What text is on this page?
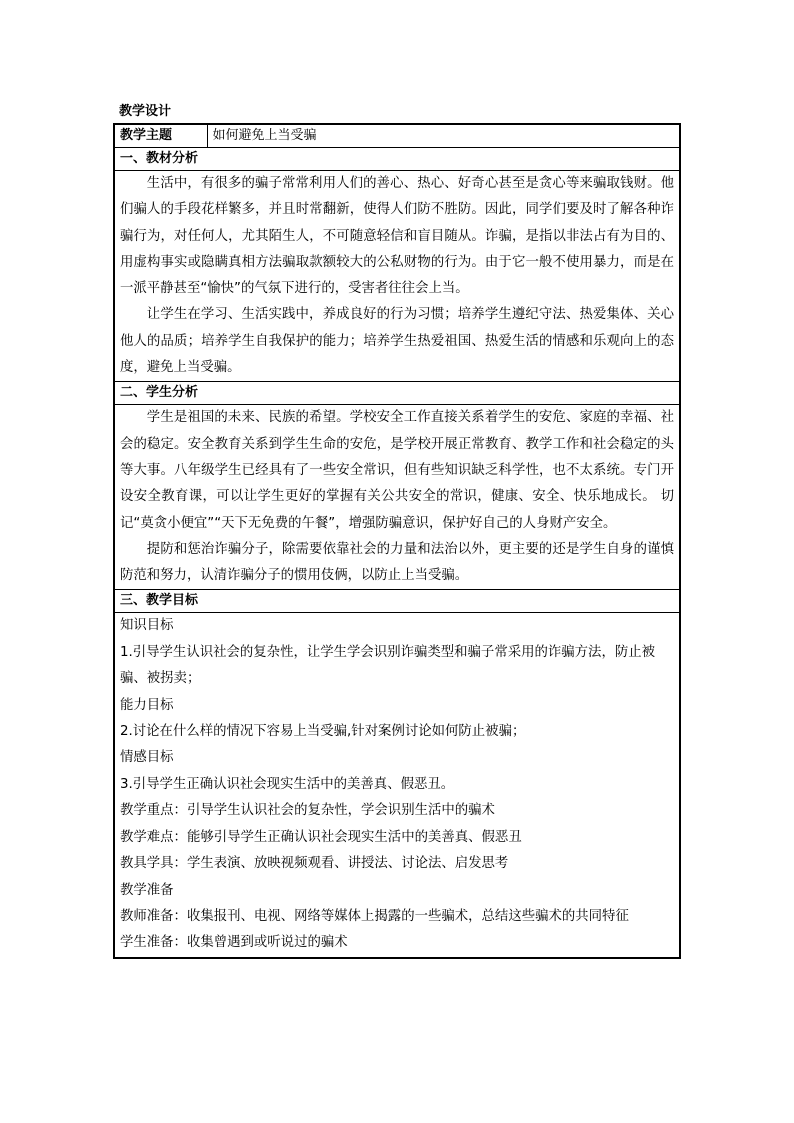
教学设计
教学主题	如何避免上当受骗
一、教材分析

生活中，有很多的骗子常常利用人们的善心、热心、好奇心甚至是贪心等来骗取钱财。他们骗人的手段花样繁多，并且时常翻新，使得人们防不胜防。因此，同学们要及时了解各种诈骗行为，对任何人，尤其陌生人，不可随意轻信和盲目随从。诈骗，是指以非法占有为目的、用虚构事实或隐瞒真相方法骗取款额较大的公私财物的行为。由于它一般不使用暴力，而是在一派平静甚至“愉快”的气氛下进行的，受害者往往会上当。

让学生在学习、生活实践中，养成良好的行为习惯；培养学生遵纪守法、热爱集体、关心他人的品质；培养学生自我保护的能力；培养学生热爱祖国、热爱生活的情感和乐观向上的态度，避免上当受骗。

二、学生分析

学生是祖国的未来、民族的希望。学校安全工作直接关系着学生的安危、家庭的幸福、社会的稳定。安全教育关系到学生生命的安危，是学校开展正常教育、教学工作和社会稳定的头等大事。八年级学生已经具有了一些安全常识，但有些知识缺乏科学性，也不太系统。专门开设安全教育课，可以让学生更好的掌握有关公共安全的常识，健康、安全、快乐地成长。 切记“莫贪小便宜”“天下无免费的午餐”，增强防骗意识，保护好自己的人身财产安全。

提防和惩治诈骗分子，除需要依靠社会的力量和法治以外，更主要的还是学生自身的谨慎防范和努力，认清诈骗分子的惯用伎俩，以防止上当受骗。

三、教学目标

知识目标

1.引导学生认识社会的复杂性，让学生学会识别诈骗类型和骗子常采用的诈骗方法，防止被骗、被拐卖；

能力目标

2.讨论在什么样的情况下容易上当受骗,针对案例讨论如何防止被骗；

情感目标

3.引导学生正确认识社会现实生活中的美善真、假恶丑。

教学重点：引导学生认识社会的复杂性，学会识别生活中的骗术

教学难点：能够引导学生正确认识社会现实生活中的美善真、假恶丑

教具学具：学生表演、放映视频观看、讲授法、讨论法、启发思考

教学准备

教师准备：收集报刊、电视、网络等媒体上揭露的一些骗术，总结这些骗术的共同特征

学生准备：收集曾遇到或听说过的骗术
